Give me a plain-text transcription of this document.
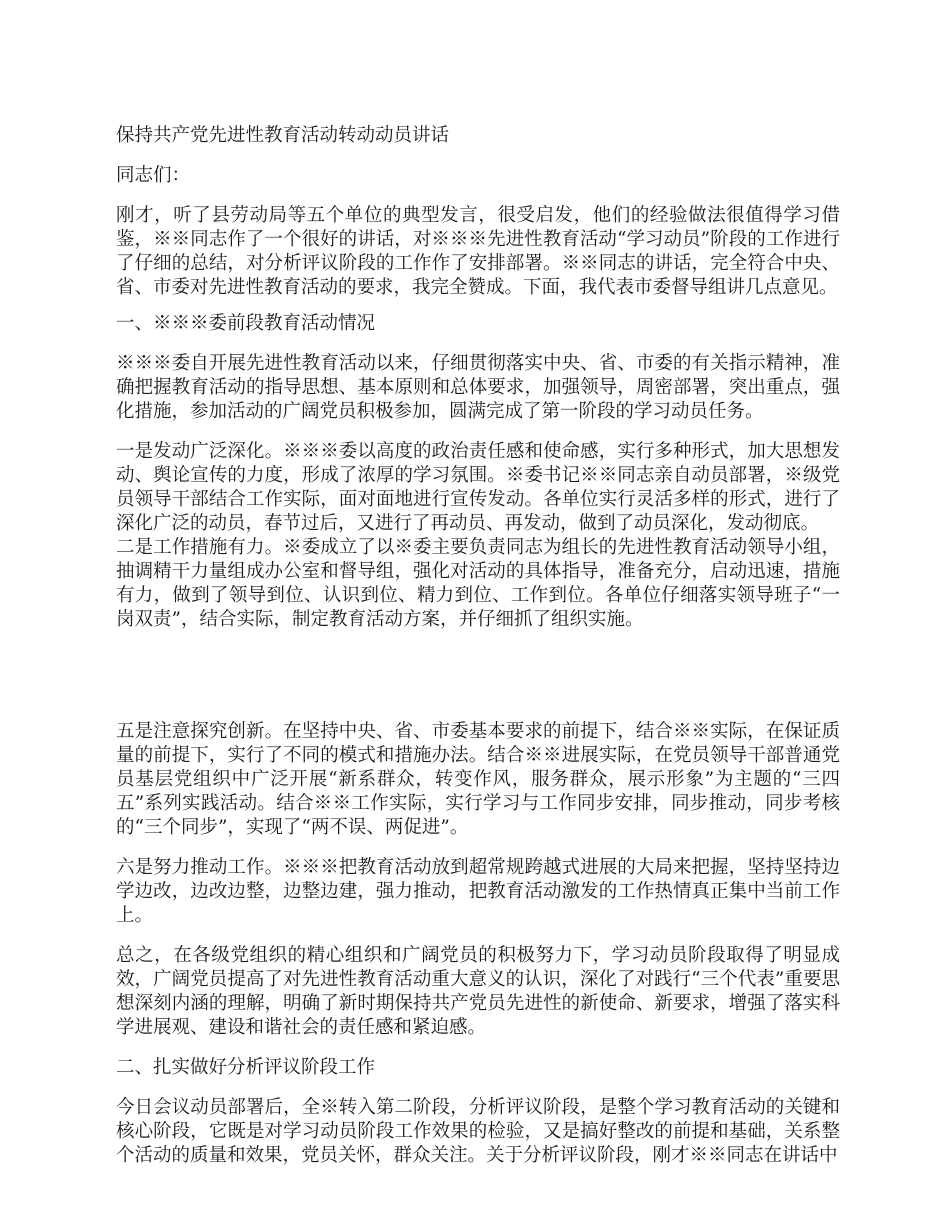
保持共产党先进性教育活动转动动员讲话

同志们：

刚才，听了县劳动局等五个单位的典型发言，很受启发，他们的经验做法很值得学习借鉴，※※同志作了一个很好的讲话，对※※※先进性教育活动“学习动员”阶段的工作进行了仔细的总结，对分析评议阶段的工作作了安排部署。※※同志的讲话，完全符合中央、省、市委对先进性教育活动的要求，我完全赞成。下面，我代表市委督导组讲几点意见。

一、※※※委前段教育活动情况

※※※委自开展先进性教育活动以来，仔细贯彻落实中央、省、市委的有关指示精神，准确把握教育活动的指导思想、基本原则和总体要求，加强领导，周密部署，突出重点，强化措施，参加活动的广阔党员积极参加，圆满完成了第一阶段的学习动员任务。

一是发动广泛深化。※※※委以高度的政治责任感和使命感，实行多种形式，加大思想发动、舆论宣传的力度，形成了浓厚的学习氛围。※委书记※※同志亲自动员部署，※级党员领导干部结合工作实际，面对面地进行宣传发动。各单位实行灵活多样的形式，进行了深化广泛的动员，春节过后，又进行了再动员、再发动，做到了动员深化，发动彻底。

二是工作措施有力。※委成立了以※委主要负责同志为组长的先进性教育活动领导小组，抽调精干力量组成办公室和督导组，强化对活动的具体指导，准备充分，启动迅速，措施有力，做到了领导到位、认识到位、精力到位、工作到位。各单位仔细落实领导班子“一岗双责”，结合实际，制定教育活动方案，并仔细抓了组织实施。

五是注意探究创新。在坚持中央、省、市委基本要求的前提下，结合※※实际，在保证质量的前提下，实行了不同的模式和措施办法。结合※※进展实际，在党员领导干部普通党员基层党组织中广泛开展“新系群众，转变作风，服务群众，展示形象”为主题的“三四五”系列实践活动。结合※※工作实际，实行学习与工作同步安排，同步推动，同步考核的“三个同步”，实现了“两不误、两促进”。

六是努力推动工作。※※※把教育活动放到超常规跨越式进展的大局来把握，坚持坚持边学边改，边改边整，边整边建，强力推动，把教育活动激发的工作热情真正集中当前工作上。

总之，在各级党组织的精心组织和广阔党员的积极努力下，学习动员阶段取得了明显成效，广阔党员提高了对先进性教育活动重大意义的认识，深化了对践行“三个代表”重要思想深刻内涵的理解，明确了新时期保持共产党员先进性的新使命、新要求，增强了落实科学进展观、建设和谐社会的责任感和紧迫感。

二、扎实做好分析评议阶段工作

今日会议动员部署后，全※转入第二阶段，分析评议阶段，是整个学习教育活动的关键和核心阶段，它既是对学习动员阶段工作效果的检验，又是搞好整改的前提和基础，关系整个活动的质量和效果，党员关怀，群众关注。关于分析评议阶段，刚才※※同志在讲话中
